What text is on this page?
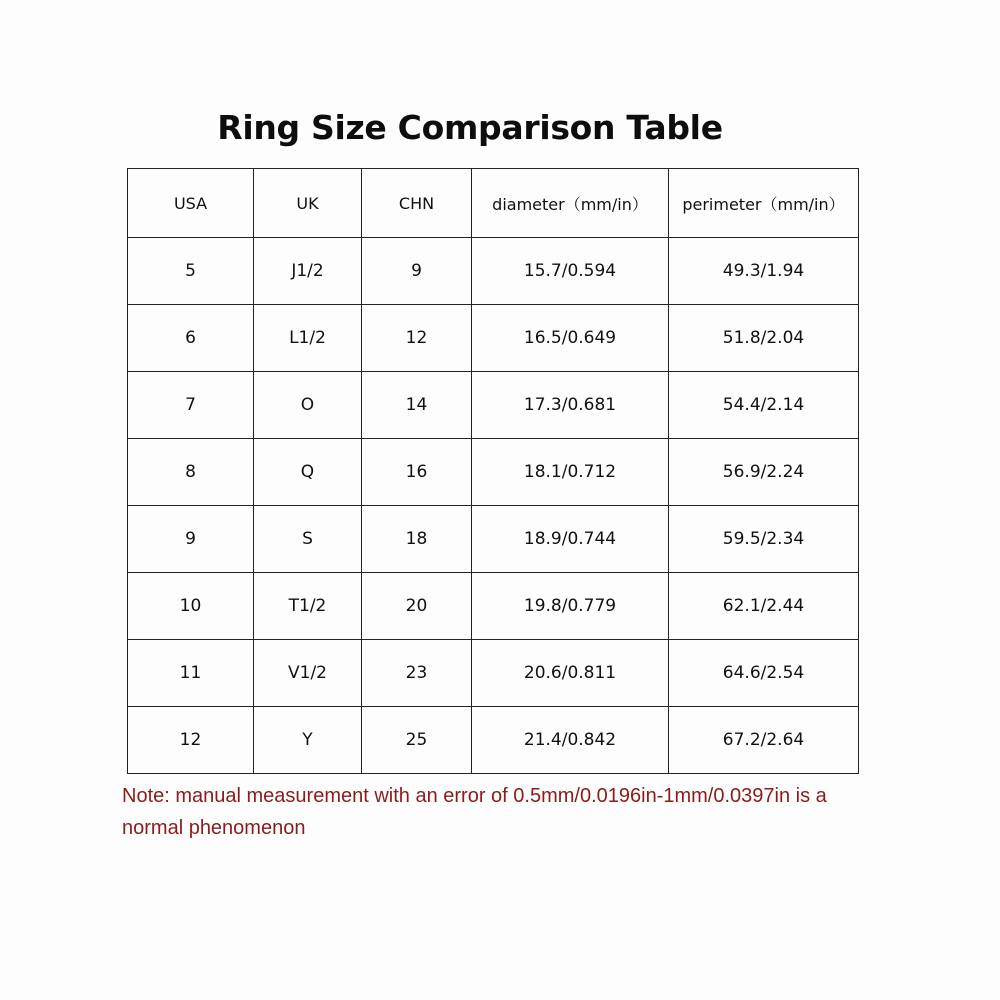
Ring Size Comparison Table
USA	UK	CHN	diameter（mm/in）	perimeter（mm/in）
5	J1/2	9	15.7/0.594	49.3/1.94
6	L1/2	12	16.5/0.649	51.8/2.04
7	O	14	17.3/0.681	54.4/2.14
8	Q	16	18.1/0.712	56.9/2.24
9	S	18	18.9/0.744	59.5/2.34
10	T1/2	20	19.8/0.779	62.1/2.44
11	V1/2	23	20.6/0.811	64.6/2.54
12	Y	25	21.4/0.842	67.2/2.64
Note: manual measurement with an error of 0.5mm/0.0196in-1mm/0.0397in is a normal phenomenon
